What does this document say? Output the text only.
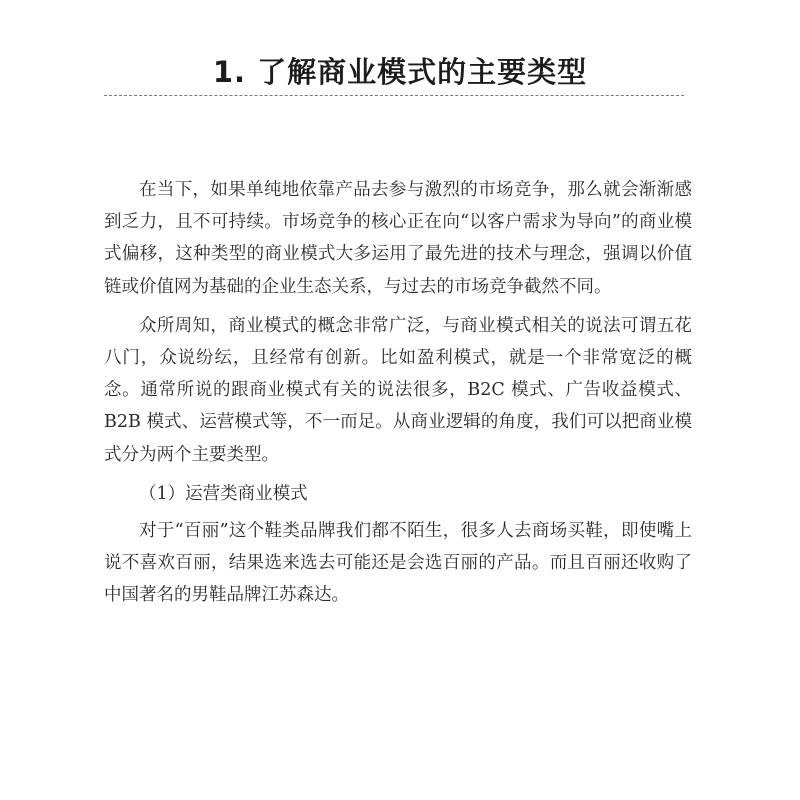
1. 了解商业模式的主要类型

在当下，如果单纯地依靠产品去参与激烈的市场竞争，那么就会渐渐感到乏力，且不可持续。市场竞争的核心正在向“以客户需求为导向”的商业模式偏移，这种类型的商业模式大多运用了最先进的技术与理念，强调以价值链或价值网为基础的企业生态关系，与过去的市场竞争截然不同。

众所周知，商业模式的概念非常广泛，与商业模式相关的说法可谓五花八门，众说纷纭，且经常有创新。比如盈利模式，就是一个非常宽泛的概念。通常所说的跟商业模式有关的说法很多，B2C 模式、广告收益模式、B2B 模式、运营模式等，不一而足。从商业逻辑的角度，我们可以把商业模式分为两个主要类型。

（1）运营类商业模式

对于“百丽”这个鞋类品牌我们都不陌生，很多人去商场买鞋，即使嘴上说不喜欢百丽，结果选来选去可能还是会选百丽的产品。而且百丽还收购了中国著名的男鞋品牌江苏森达。
